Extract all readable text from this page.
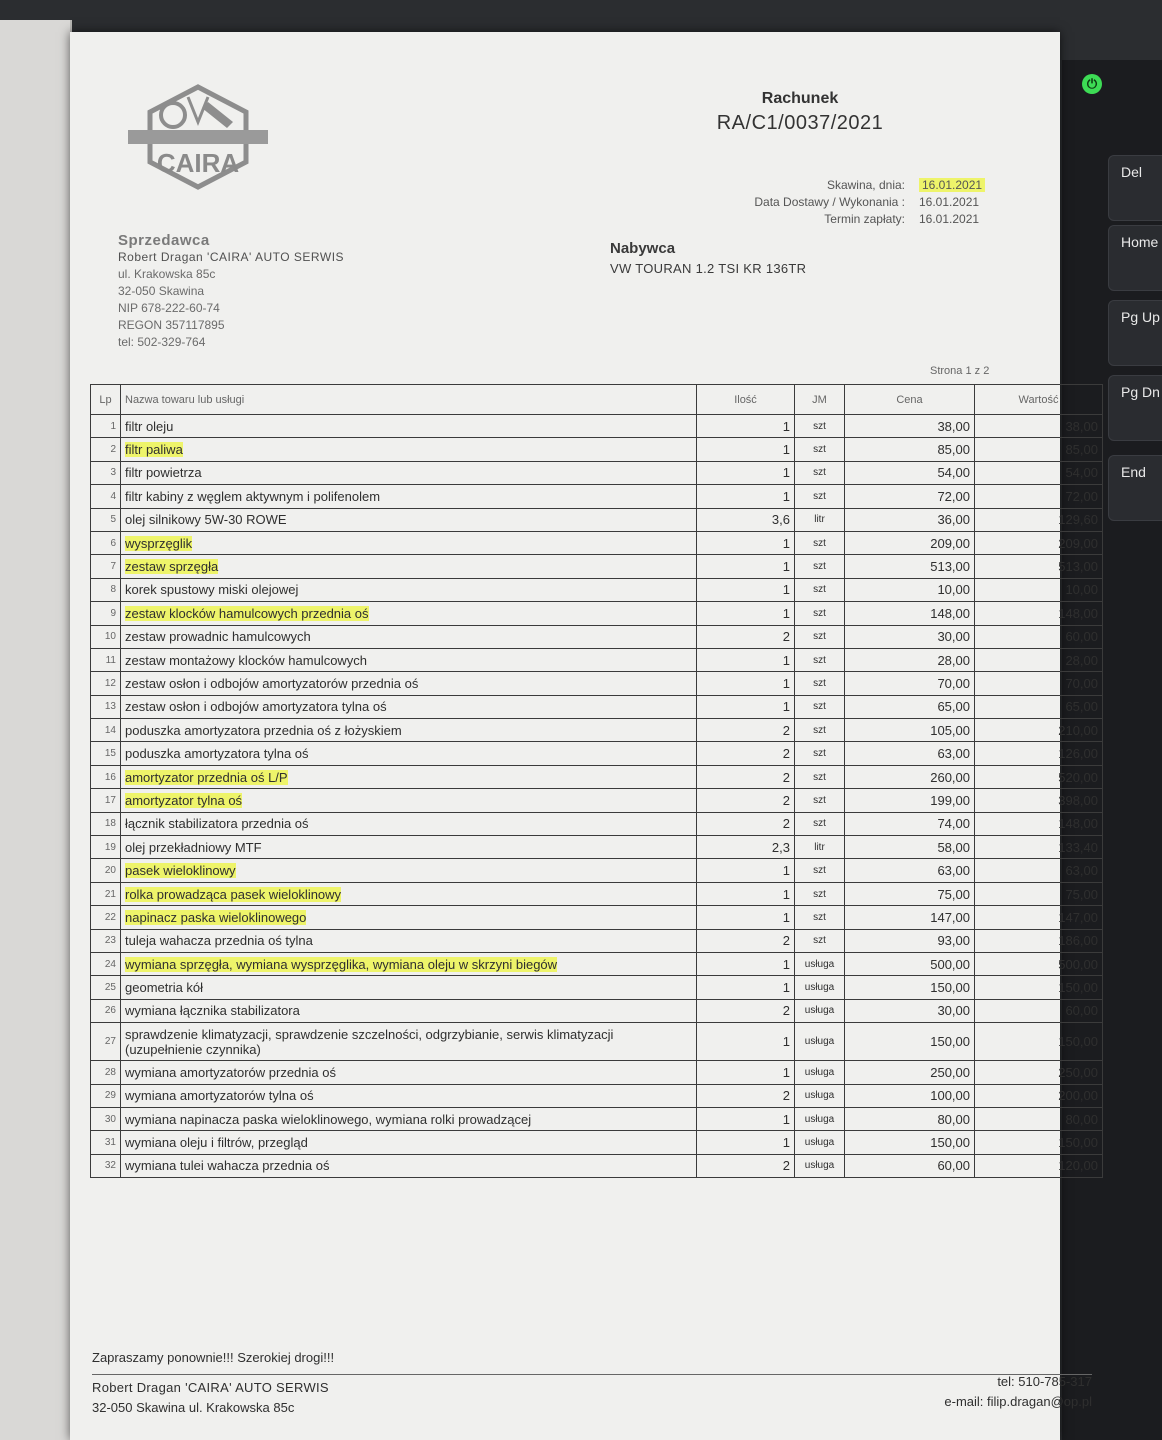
⏻
Del
Home
Pg Up
Pg Dn
End
CAIRA
Rachunek
RA/C1/0037/2021
Skawina, dnia:	16.01.2021
Data Dostawy / Wykonania :	16.01.2021
Termin zapłaty:	16.01.2021
Sprzedawca
Robert Dragan 'CAIRA' AUTO SERWIS
ul. Krakowska 85c
32-050 Skawina
NIP 678-222-60-74
REGON 357117895
tel: 502-329-764
Nabywca
VW TOURAN 1.2 TSI KR 136TR
Strona 1 z 2
Lp	Nazwa towaru lub usługi	Ilość	JM	Cena	Wartość
1	filtr oleju	1	szt	38,00	38,00
2	filtr paliwa	1	szt	85,00	85,00
3	filtr powietrza	1	szt	54,00	54,00
4	filtr kabiny z węglem aktywnym i polifenolem	1	szt	72,00	72,00
5	olej silnikowy 5W-30 ROWE	3,6	litr	36,00	129,60
6	wysprzęglik	1	szt	209,00	209,00
7	zestaw sprzęgła	1	szt	513,00	513,00
8	korek spustowy miski olejowej	1	szt	10,00	10,00
9	zestaw klocków hamulcowych przednia oś	1	szt	148,00	148,00
10	zestaw prowadnic hamulcowych	2	szt	30,00	60,00
11	zestaw montażowy klocków hamulcowych	1	szt	28,00	28,00
12	zestaw osłon i odbojów amortyzatorów przednia oś	1	szt	70,00	70,00
13	zestaw osłon i odbojów amortyzatora tylna oś	1	szt	65,00	65,00
14	poduszka amortyzatora przednia oś z łożyskiem	2	szt	105,00	210,00
15	poduszka amortyzatora tylna oś	2	szt	63,00	126,00
16	amortyzator przednia oś L/P	2	szt	260,00	520,00
17	amortyzator tylna oś	2	szt	199,00	398,00
18	łącznik stabilizatora przednia oś	2	szt	74,00	148,00
19	olej przekładniowy MTF	2,3	litr	58,00	133,40
20	pasek wieloklinowy	1	szt	63,00	63,00
21	rolka prowadząca pasek wieloklinowy	1	szt	75,00	75,00
22	napinacz paska wieloklinowego	1	szt	147,00	147,00
23	tuleja wahacza przednia oś tylna	2	szt	93,00	186,00
24	wymiana sprzęgła, wymiana wysprzęglika, wymiana oleju w skrzyni biegów	1	usługa	500,00	500,00
25	geometria kół	1	usługa	150,00	150,00
26	wymiana łącznika stabilizatora	2	usługa	30,00	60,00
27	sprawdzenie klimatyzacji, sprawdzenie szczelności, odgrzybianie, serwis klimatyzacji (uzupełnienie czynnika)	1	usługa	150,00	150,00
28	wymiana amortyzatorów przednia oś	1	usługa	250,00	250,00
29	wymiana amortyzatorów tylna oś	2	usługa	100,00	200,00
30	wymiana napinacza paska wieloklinowego, wymiana rolki prowadzącej	1	usługa	80,00	80,00
31	wymiana oleju i filtrów, przegląd	1	usługa	150,00	150,00
32	wymiana tulei wahacza przednia oś	2	usługa	60,00	120,00
Zapraszamy ponownie!!! Szerokiej drogi!!!
Robert Dragan 'CAIRA' AUTO SERWIS
32-050 Skawina ul. Krakowska 85c
tel: 510-785-317
e-mail: filip.dragan@op.pl
